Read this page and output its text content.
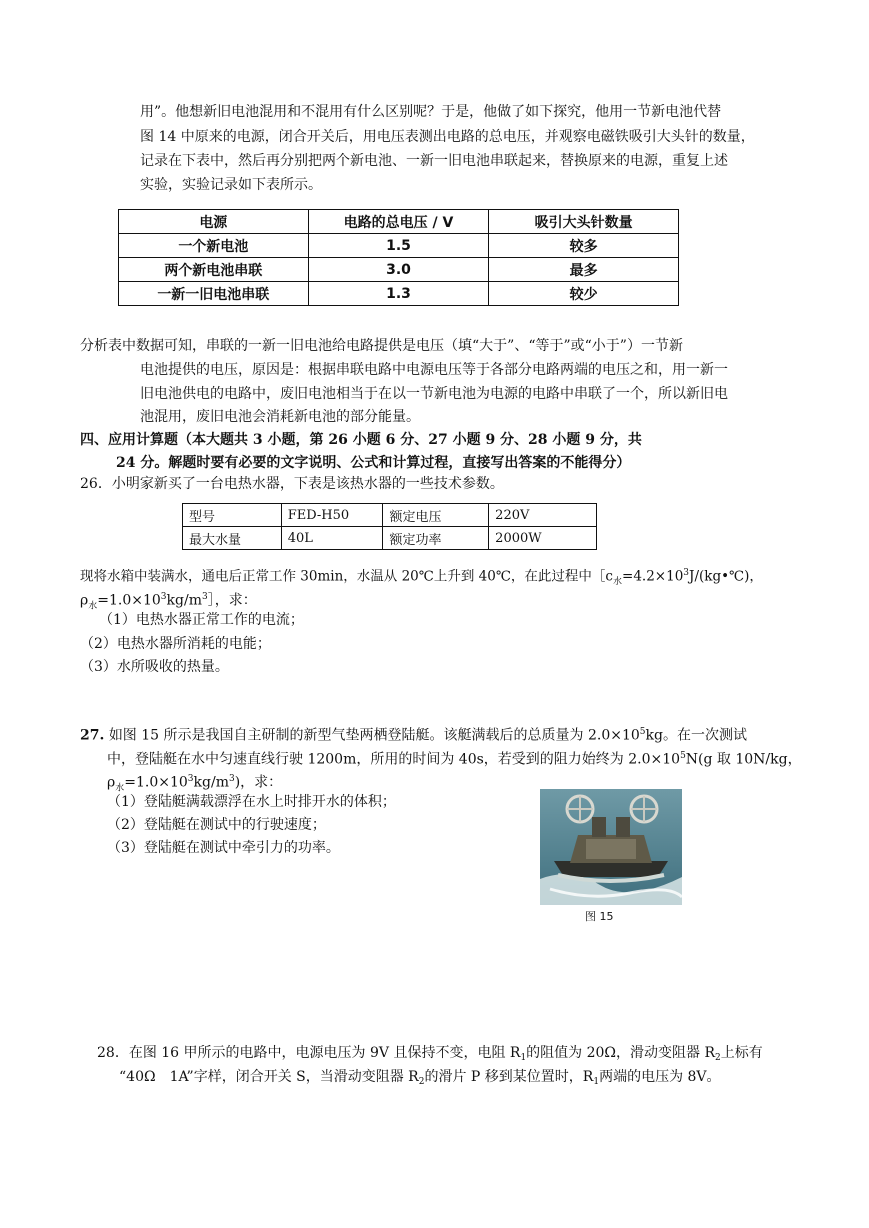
用”。他想新旧电池混用和不混用有什么区别呢？于是，他做了如下探究，他用一节新电池代替
图 14 中原来的电源，闭合开关后，用电压表测出电路的总电压，并观察电磁铁吸引大头针的数量，
记录在下表中，然后再分别把两个新电池、一新一旧电池串联起来，替换原来的电源，重复上述
实验，实验记录如下表所示。
电源	电路的总电压 / V	吸引大头针数量
一个新电池	1.5	较多
两个新电池串联	3.0	最多
一新一旧电池串联	1.3	较少
分析表中数据可知，串联的一新一旧电池给电路提供是电压（填“大于”、“等于”或“小于”）一节新
电池提供的电压，原因是：根据串联电路中电源电压等于各部分电路两端的电压之和，用一新一
旧电池供电的电路中，废旧电池相当于在以一节新电池为电源的电路中串联了一个，所以新旧电
池混用，废旧电池会消耗新电池的部分能量。
四、应用计算题（本大题共 3 小题，第 26 小题 6 分、27 小题 9 分、28 小题 9 分，共
24 分。解题时要有必要的文字说明、公式和计算过程，直接写出答案的不能得分）
26．小明家新买了一台电热水器，下表是该热水器的一些技术参数。
型号	FED-H50	额定电压	220V
最大水量	40L	额定功率	2000W
现将水箱中装满水，通电后正常工作 30min，水温从 20℃上升到 40℃，在此过程中$[c_水=4.2\times 10^3J/(kg•℃)$，
$\rho_水=1.0\times 10^3kg/m^3]$，求：
（1）电热水器正常工作的电流；
（2）电热水器所消耗的电能；
（3）水所吸收的热量。
27. 如图 15 所示是我国自主研制的新型气垫两栖登陆艇。该艇满载后的总质量为 $2.0\times 10^5kg$。在一次测试
中，登陆艇在水中匀速直线行驶 1200m，所用的时间为 40s，若受到的阻力始终为 $2.0\times 10^5N(g$ 取 10N/kg，
$\rho_水=1.0\times 10^3kg/m^3$)，求：
（1）登陆艇满载漂浮在水上时排开水的体积；
（2）登陆艇在测试中的行驶速度；
（3）登陆艇在测试中牵引力的功率。
图 15
28．在图 16 甲所示的电路中，电源电压为 9V 且保持不变，电阻 $R_1$的阻值为 20Ω，滑动变阻器 $R_2$上标有
“40Ω　1A”字样，闭合开关 S，当滑动变阻器 $R_2$的滑片 P 移到某位置时，$R_1$两端的电压为 8V。
